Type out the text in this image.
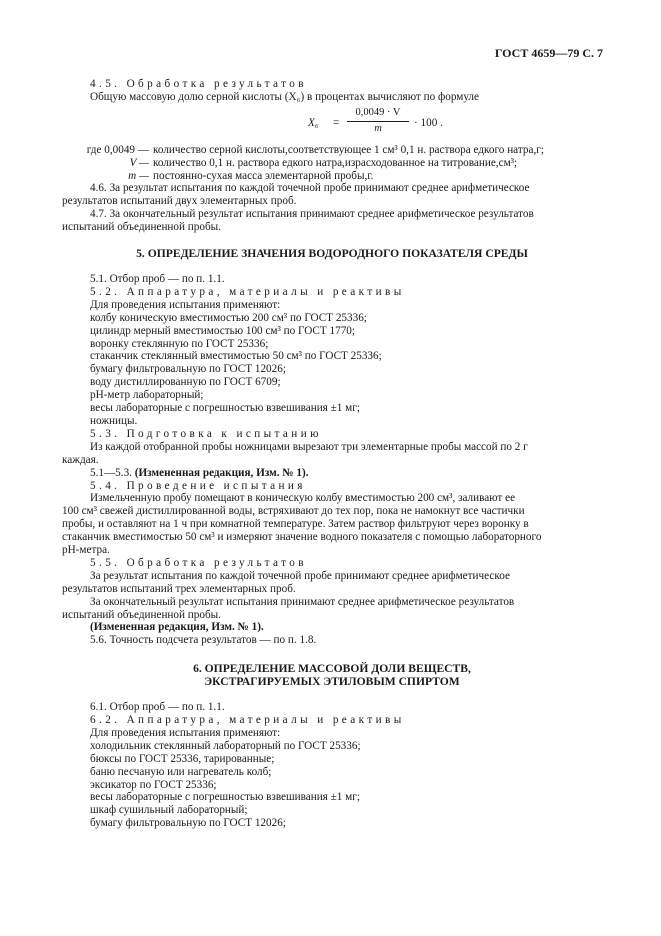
ГОСТ 4659—79 С. 7
4.5. Обработка результатов
Общую массовую долю серной кислоты (X₆) в процентах вычисляют по формуле
$X_6 = \frac{0,0049 \cdot V}{m} \cdot 100$ .
где 0,0049 — количество серной кислоты,соответствующее 1 см³ 0,1 н. раствора едкого натра,г;
V — количество 0,1 н. раствора едкого натра,израсходованное на титрование,см³;
m — постоянно-сухая масса элементарной пробы,г.
4.6. За результат испытания по каждой точечной пробе принимают среднее арифметическое
результатов испытаний двух элементарных проб.
4.7. За окончательный результат испытания принимают среднее арифметическое результатов
испытаний объединенной пробы.
5. ОПРЕДЕЛЕНИЕ ЗНАЧЕНИЯ ВОДОРОДНОГО ПОКАЗАТЕЛЯ СРЕДЫ
5.1. Отбор проб — по п. 1.1.
5.2. Аппаратура, материалы и реактивы
Для проведения испытания применяют:
колбу коническую вместимостью 200 см³ по ГОСТ 25336;
цилиндр мерный вместимостью 100 см³ по ГОСТ 1770;
воронку стеклянную по ГОСТ 25336;
стаканчик стеклянный вместимостью 50 см³ по ГОСТ 25336;
бумагу фильтровальную по ГОСТ 12026;
воду дистиллированную по ГОСТ 6709;
рН-метр лабораторный;
весы лабораторные с погрешностью взвешивания ±1 мг;
ножницы.
5.3. Подготовка к испытанию
Из каждой отобранной пробы ножницами вырезают три элементарные пробы массой по 2 г
каждая.
5.1—5.3. (Измененная редакция, Изм. № 1).
5.4. Проведение испытания
Измельченную пробу помещают в коническую колбу вместимостью 200 см³, заливают ее
100 см³ свежей дистиллированной воды, встряхивают до тех пор, пока не намокнут все частички
пробы, и оставляют на 1 ч при комнатной температуре. Затем раствор фильтруют через воронку в
стаканчик вместимостью 50 см³ и измеряют значение водного показателя с помощью лабораторного
рН-метра.
5.5. Обработка результатов
За результат испытания по каждой точечной пробе принимают среднее арифметическое
результатов испытаний трех элементарных проб.
За окончательный результат испытания принимают среднее арифметическое результатов
испытаний объединенной пробы.
(Измененная редакция, Изм. № 1).
5.6. Точность подсчета результатов — по п. 1.8.
6. ОПРЕДЕЛЕНИЕ МАССОВОЙ ДОЛИ ВЕЩЕСТВ,
ЭКСТРАГИРУЕМЫХ ЭТИЛОВЫМ СПИРТОМ
6.1. Отбор проб — по п. 1.1.
6.2. Аппаратура, материалы и реактивы
Для проведения испытания применяют:
холодильник стеклянный лабораторный по ГОСТ 25336;
бюксы по ГОСТ 25336, тарированные;
баню песчаную или нагреватель колб;
эксикатор по ГОСТ 25336;
весы лабораторные с погрешностью взвешивания ±1 мг;
шкаф сушильный лабораторный;
бумагу фильтровальную по ГОСТ 12026;
